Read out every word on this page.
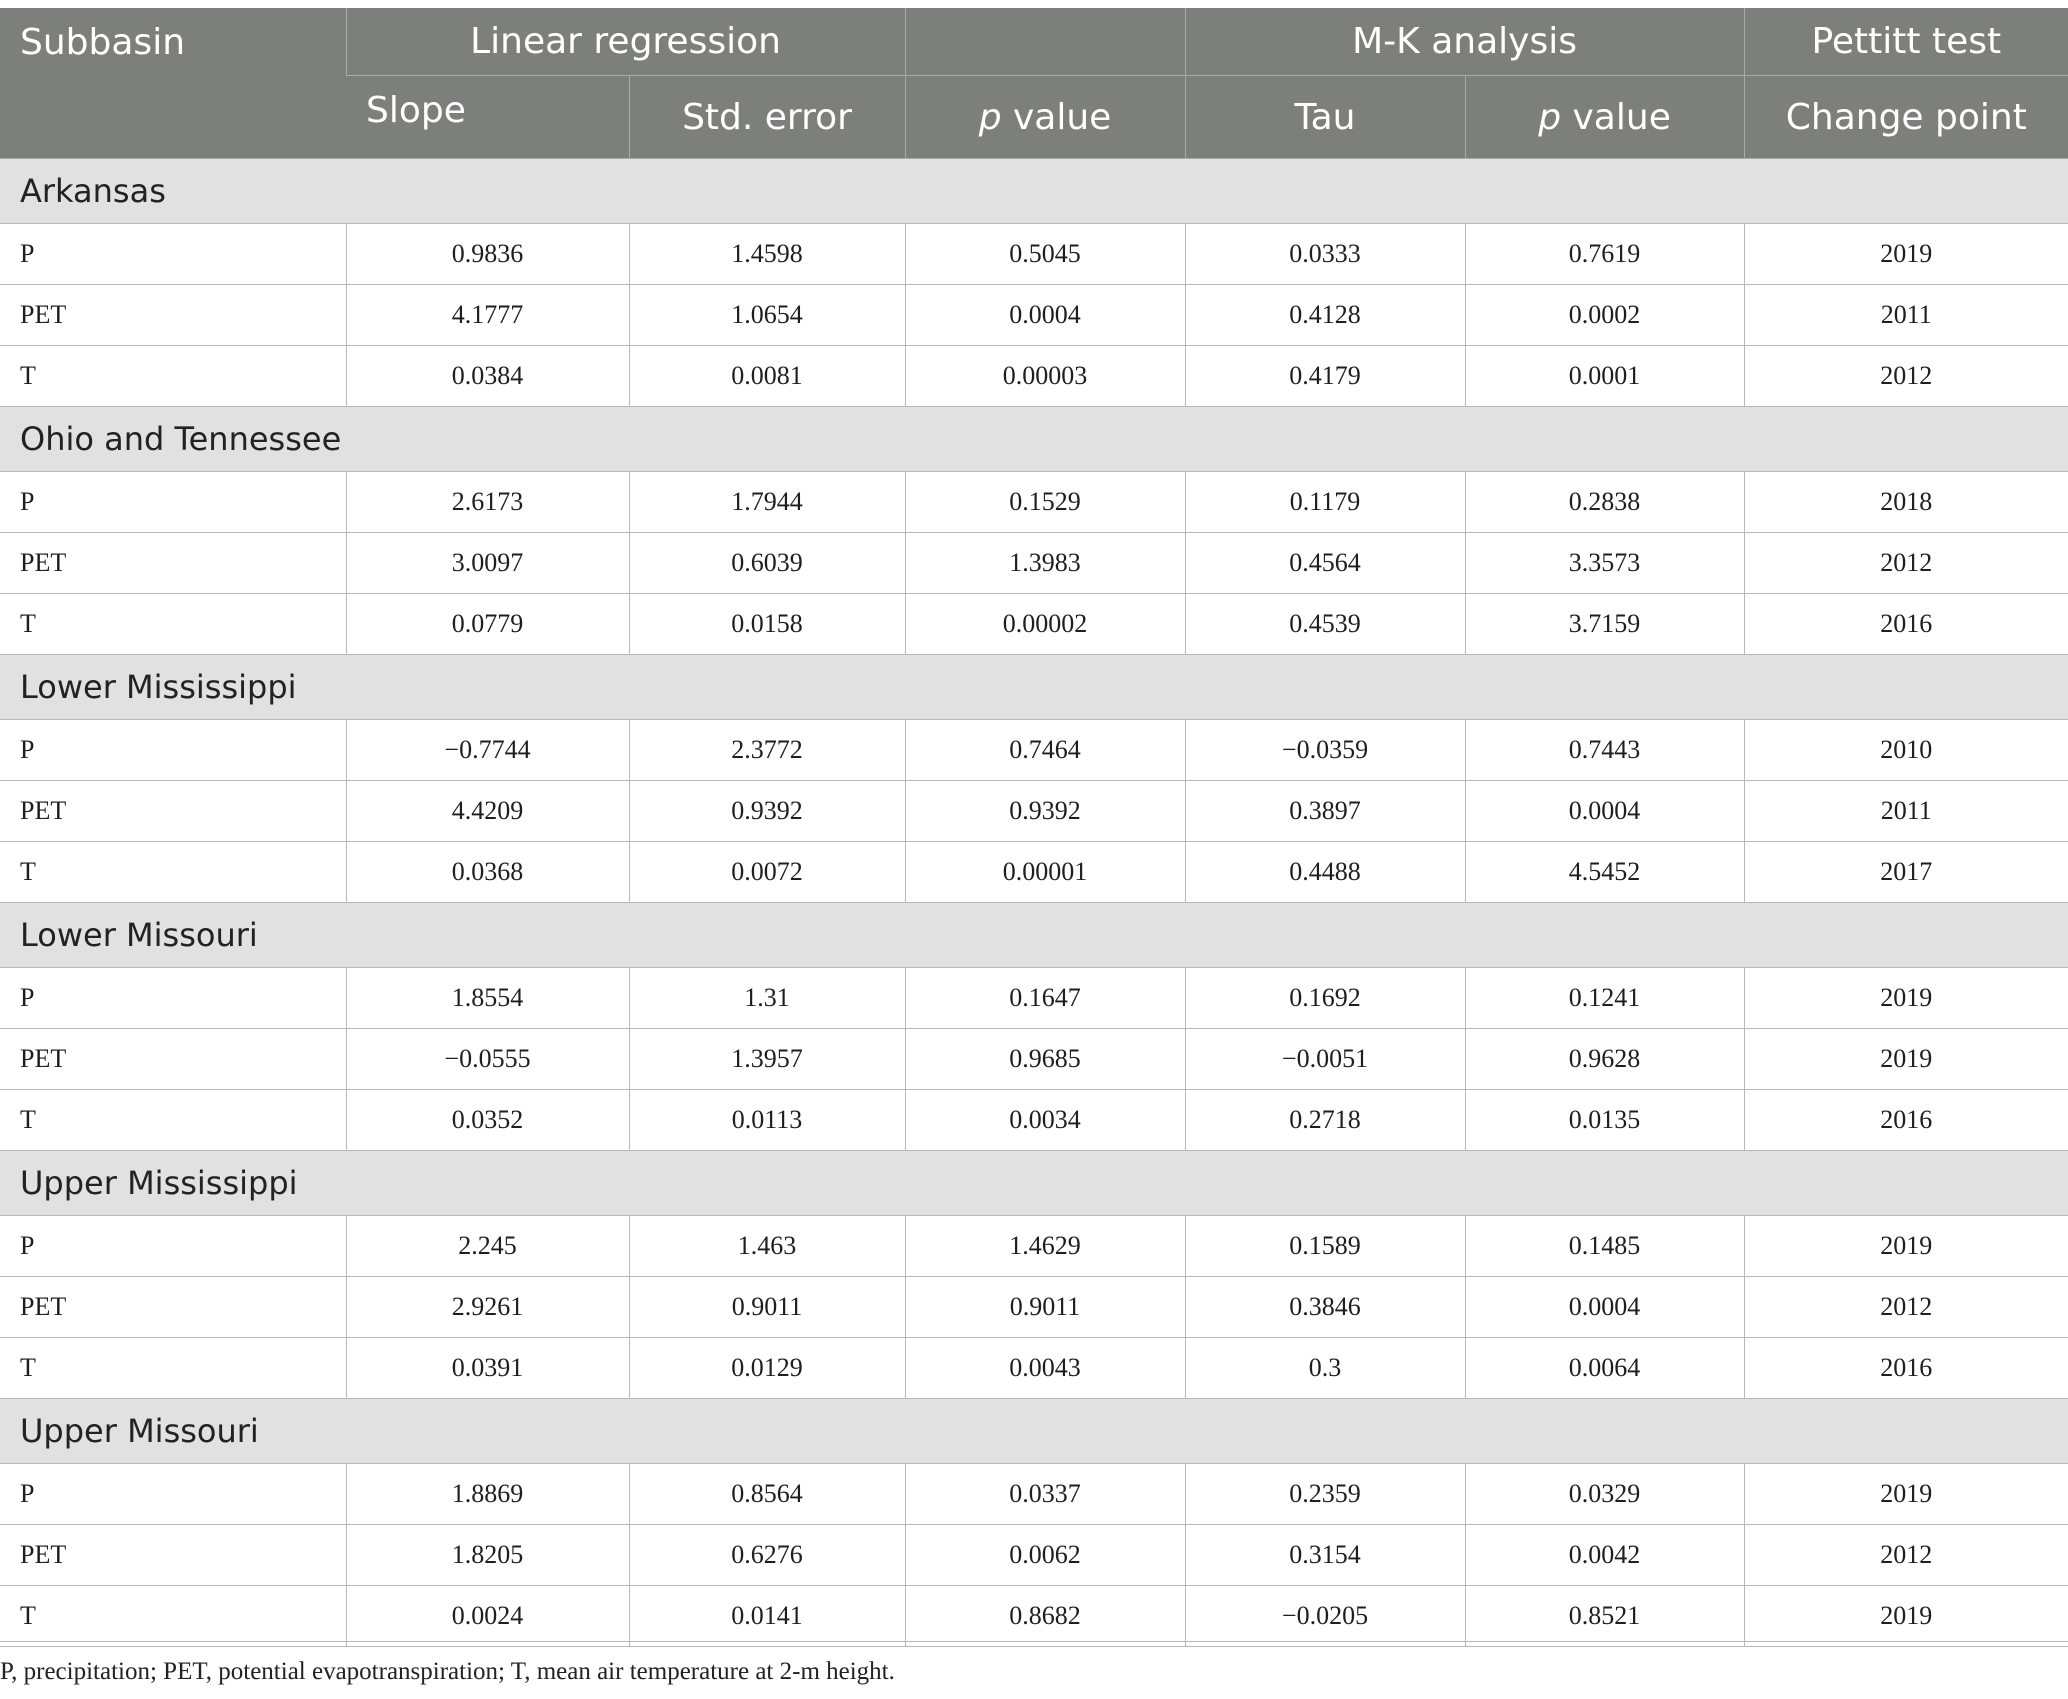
Subbasin	Linear regression			M-K analysis		Pettitt test
	Slope	Std. error	p value	Tau	p value	Change point
Arkansas						
P	0.9836	1.4598	0.5045	0.0333	0.7619	2019
PET	4.1777	1.0654	0.0004	0.4128	0.0002	2011
T	0.0384	0.0081	0.00003	0.4179	0.0001	2012
Ohio and Tennessee						
P	2.6173	1.7944	0.1529	0.1179	0.2838	2018
PET	3.0097	0.6039	1.3983	0.4564	3.3573	2012
T	0.0779	0.0158	0.00002	0.4539	3.7159	2016
Lower Mississippi						
P	−0.7744	2.3772	0.7464	−0.0359	0.7443	2010
PET	4.4209	0.9392	0.9392	0.3897	0.0004	2011
T	0.0368	0.0072	0.00001	0.4488	4.5452	2017
Lower Missouri						
P	1.8554	1.31	0.1647	0.1692	0.1241	2019
PET	−0.0555	1.3957	0.9685	−0.0051	0.9628	2019
T	0.0352	0.0113	0.0034	0.2718	0.0135	2016
Upper Mississippi						
P	2.245	1.463	1.4629	0.1589	0.1485	2019
PET	2.9261	0.9011	0.9011	0.3846	0.0004	2012
T	0.0391	0.0129	0.0043	0.3	0.0064	2016
Upper Missouri						
P	1.8869	0.8564	0.0337	0.2359	0.0329	2019
PET	1.8205	0.6276	0.0062	0.3154	0.0042	2012
T	0.0024	0.0141	0.8682	−0.0205	0.8521	2019
P, precipitation; PET, potential evapotranspiration; T, mean air temperature at 2-m height.
